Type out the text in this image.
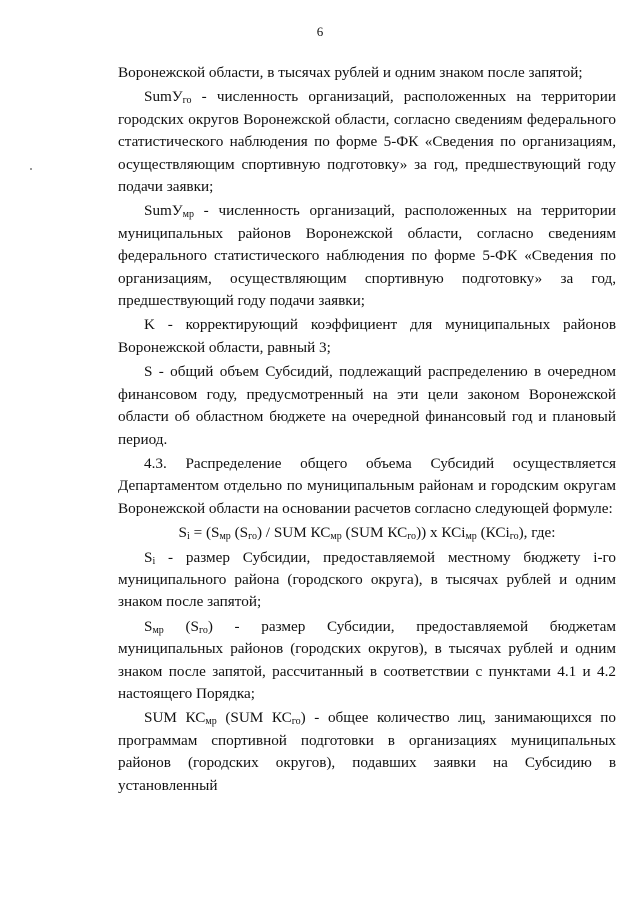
6

Воронежской области, в тысячах рублей и одним знаком после запятой;

SumУ$_{го}$ - численность организаций, расположенных на территории городских округов Воронежской области, согласно сведениям федерального статистического наблюдения по форме 5-ФК «Сведения по организациям, осуществляющим спортивную подготовку» за год, предшествующий году подачи заявки;

SumУ$_{мр}$ - численность организаций, расположенных на территории муниципальных районов Воронежской области, согласно сведениям федерального статистического наблюдения по форме 5-ФК «Сведения по организациям, осуществляющим спортивную подготовку» за год, предшествующий году подачи заявки;

K - корректирующий коэффициент для муниципальных районов Воронежской области, равный 3;

S - общий объем Субсидий, подлежащий распределению в очередном финансовом году, предусмотренный на эти цели законом Воронежской области об областном бюджете на очередной финансовый год и плановый период.

4.3. Распределение общего объема Субсидий осуществляется Департаментом отдельно по муниципальным районам и городским округам Воронежской области на основании расчетов согласно следующей формуле:

$S_i = (S_{мр}$ $(S_{го})$ / SUM $КС_{мр}$ (SUM $КС_{го}$)) x КСi$_{мр}$ (КСi$_{го}$), где:

$S_i$ - размер Субсидии, предоставляемой местному бюджету i-го муниципального района (городского округа), в тысячах рублей и одним знаком после запятой;

$S_{мр}$ $(S_{го})$ - размер Субсидии, предоставляемой бюджетам муниципальных районов (городских округов), в тысячах рублей и одним знаком после запятой, рассчитанный в соответствии с пунктами 4.1 и 4.2 настоящего Порядка;

SUM $КС_{мр}$ (SUM $КС_{го}$) - общее количество лиц, занимающихся по программам спортивной подготовки в организациях муниципальных районов (городских округов), подавших заявки на Субсидию в установленный
